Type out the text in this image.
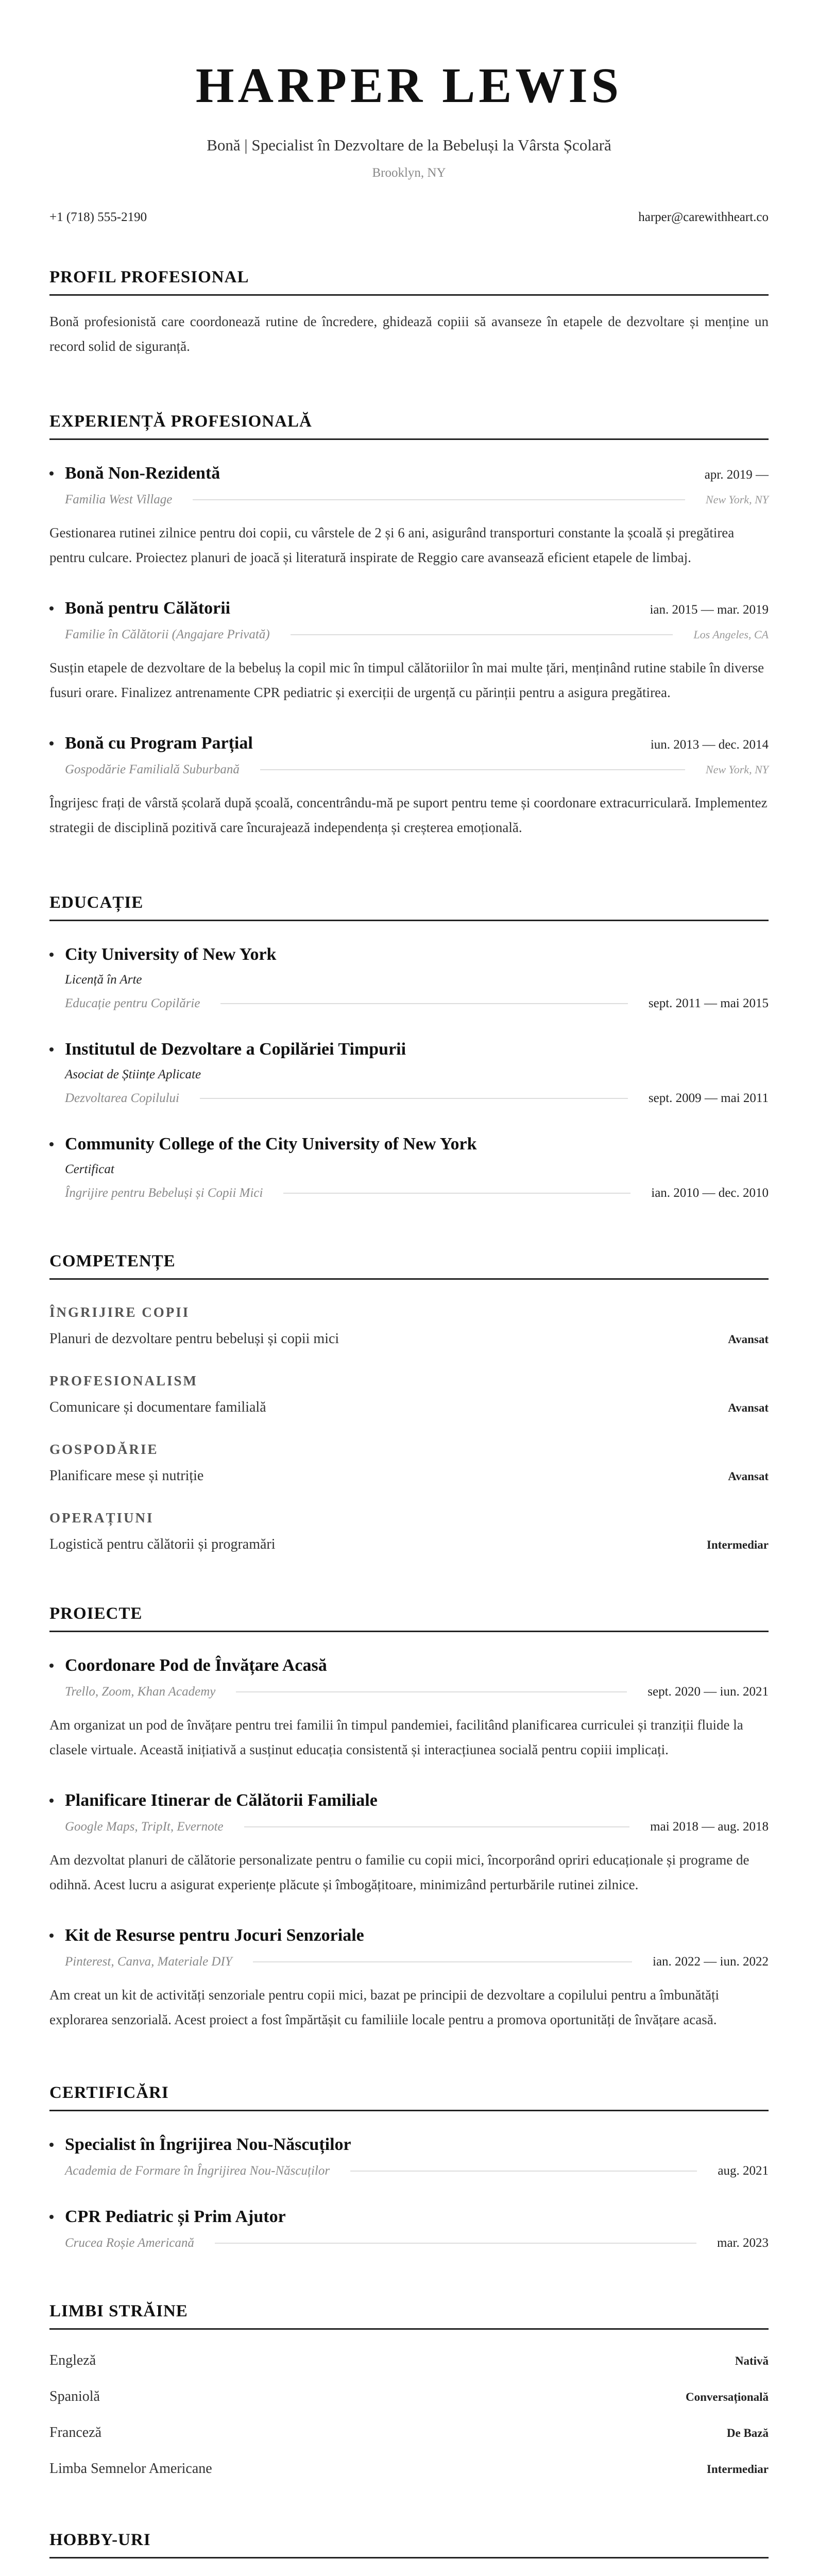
HARPER LEWIS
Bonă | Specialist în Dezvoltare de la Bebeluși la Vârsta Școlară
Brooklyn, NY
+1 (718) 555-2190	harper@carewithheart.co
PROFIL PROFESIONAL
Bonă profesionistă care coordonează rutine de încredere, ghidează copiii să avanseze în etapele de dezvoltare și menține un record solid de siguranță.
EXPERIENȚĂ PROFESIONALĂ
Bonă Non-Rezidentă	apr. 2019 —
Familia West Village	New York, NY
Gestionarea rutinei zilnice pentru doi copii, cu vârstele de 2 și 6 ani, asigurând transporturi constante la școală și pregătirea pentru culcare. Proiectez planuri de joacă și literatură inspirate de Reggio care avansează eficient etapele de limbaj.
Bonă pentru Călătorii	ian. 2015 — mar. 2019
Familie în Călătorii (Angajare Privată)	Los Angeles, CA
Susțin etapele de dezvoltare de la bebeluș la copil mic în timpul călătoriilor în mai multe țări, menținând rutine stabile în diverse fusuri orare. Finalizez antrenamente CPR pediatric și exerciții de urgență cu părinții pentru a asigura pregătirea.
Bonă cu Program Parțial	iun. 2013 — dec. 2014
Gospodărie Familială Suburbană	New York, NY
Îngrijesc frați de vârstă școlară după școală, concentrându-mă pe suport pentru teme și coordonare extracurriculară. Implementez strategii de disciplină pozitivă care încurajează independența și creșterea emoțională.
EDUCAȚIE
City University of New York
Licență în Arte
Educație pentru Copilărie	sept. 2011 — mai 2015
Institutul de Dezvoltare a Copilăriei Timpurii
Asociat de Științe Aplicate
Dezvoltarea Copilului	sept. 2009 — mai 2011
Community College of the City University of New York
Certificat
Îngrijire pentru Bebeluși și Copii Mici	ian. 2010 — dec. 2010
COMPETENȚE
ÎNGRIJIRE COPII
Planuri de dezvoltare pentru bebeluși și copii mici	Avansat
PROFESIONALISM
Comunicare și documentare familială	Avansat
GOSPODĂRIE
Planificare mese și nutriție	Avansat
OPERAȚIUNI
Logistică pentru călătorii și programări	Intermediar
PROIECTE
Coordonare Pod de Învățare Acasă
Trello, Zoom, Khan Academy	sept. 2020 — iun. 2021
Am organizat un pod de învățare pentru trei familii în timpul pandemiei, facilitând planificarea curriculei și tranziții fluide la clasele virtuale. Această inițiativă a susținut educația consistentă și interacțiunea socială pentru copiii implicați.
Planificare Itinerar de Călătorii Familiale
Google Maps, TripIt, Evernote	mai 2018 — aug. 2018
Am dezvoltat planuri de călătorie personalizate pentru o familie cu copii mici, încorporând opriri educaționale și programe de odihnă. Acest lucru a asigurat experiențe plăcute și îmbogățitoare, minimizând perturbările rutinei zilnice.
Kit de Resurse pentru Jocuri Senzoriale
Pinterest, Canva, Materiale DIY	ian. 2022 — iun. 2022
Am creat un kit de activități senzoriale pentru copii mici, bazat pe principii de dezvoltare a copilului pentru a îmbunătăți explorarea senzorială. Acest proiect a fost împărtășit cu familiile locale pentru a promova oportunități de învățare acasă.
CERTIFICĂRI
Specialist în Îngrijirea Nou-Născuților
Academia de Formare în Îngrijirea Nou-Născuților	aug. 2021
CPR Pediatric și Prim Ajutor
Crucea Roșie Americană	mar. 2023
LIMBI STRĂINE
Engleză	Nativă
Spaniolă	Conversațională
Franceză	De Bază
Limba Semnelor Americane	Intermediar
HOBBY-URI
